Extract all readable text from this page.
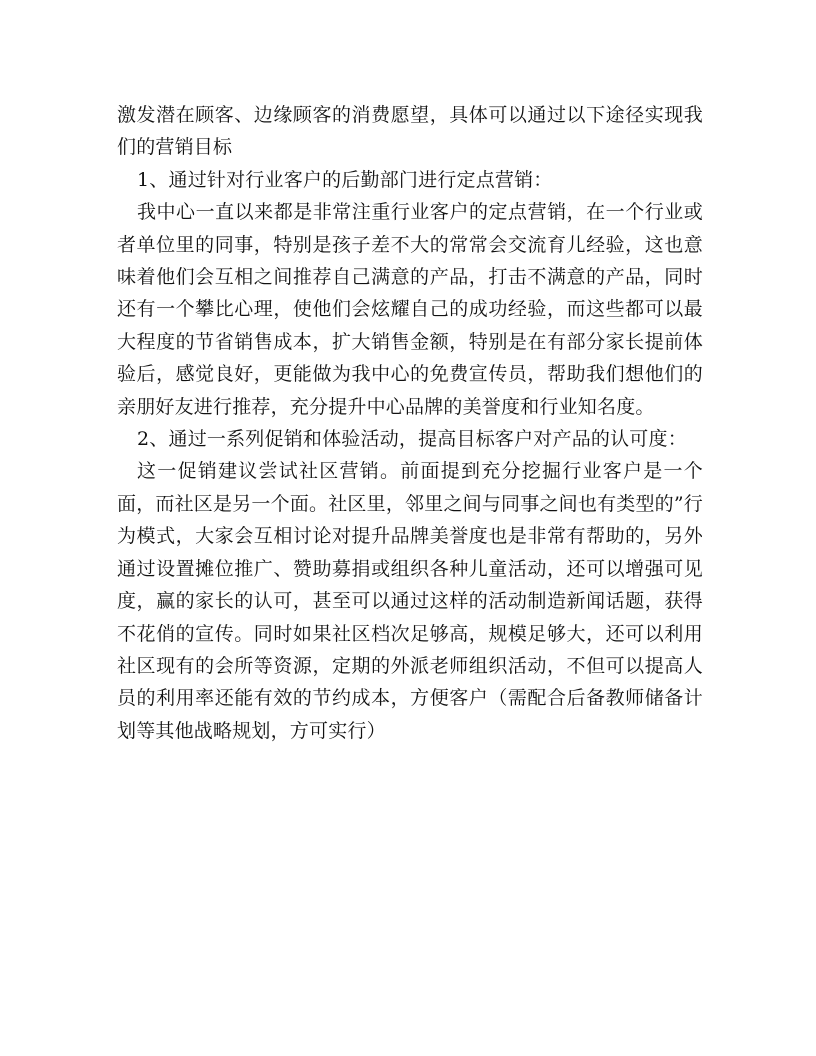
激发潜在顾客、边缘顾客的消费愿望，具体可以通过以下途径实现我们的营销目标

1、通过针对行业客户的后勤部门进行定点营销：

我中心一直以来都是非常注重行业客户的定点营销，在一个行业或者单位里的同事，特别是孩子差不大的常常会交流育儿经验，这也意味着他们会互相之间推荐自己满意的产品，打击不满意的产品，同时还有一个攀比心理，使他们会炫耀自己的成功经验，而这些都可以最大程度的节省销售成本，扩大销售金额，特别是在有部分家长提前体验后，感觉良好，更能做为我中心的免费宣传员，帮助我们想他们的亲朋好友进行推荐，充分提升中心品牌的美誉度和行业知名度。

2、通过一系列促销和体验活动，提高目标客户对产品的认可度：

这一促销建议尝试社区营销。前面提到充分挖掘行业客户是一个面，而社区是另一个面。社区里，邻里之间与同事之间也有类型的”行为模式，大家会互相讨论对提升品牌美誉度也是非常有帮助的，另外通过设置摊位推广、赞助募捐或组织各种儿童活动，还可以增强可见度，赢的家长的认可，甚至可以通过这样的活动制造新闻话题，获得不花俏的宣传。同时如果社区档次足够高，规模足够大，还可以利用社区现有的会所等资源，定期的外派老师组织活动，不但可以提高人员的利用率还能有效的节约成本，方便客户（需配合后备教师储备计划等其他战略规划，方可实行）
